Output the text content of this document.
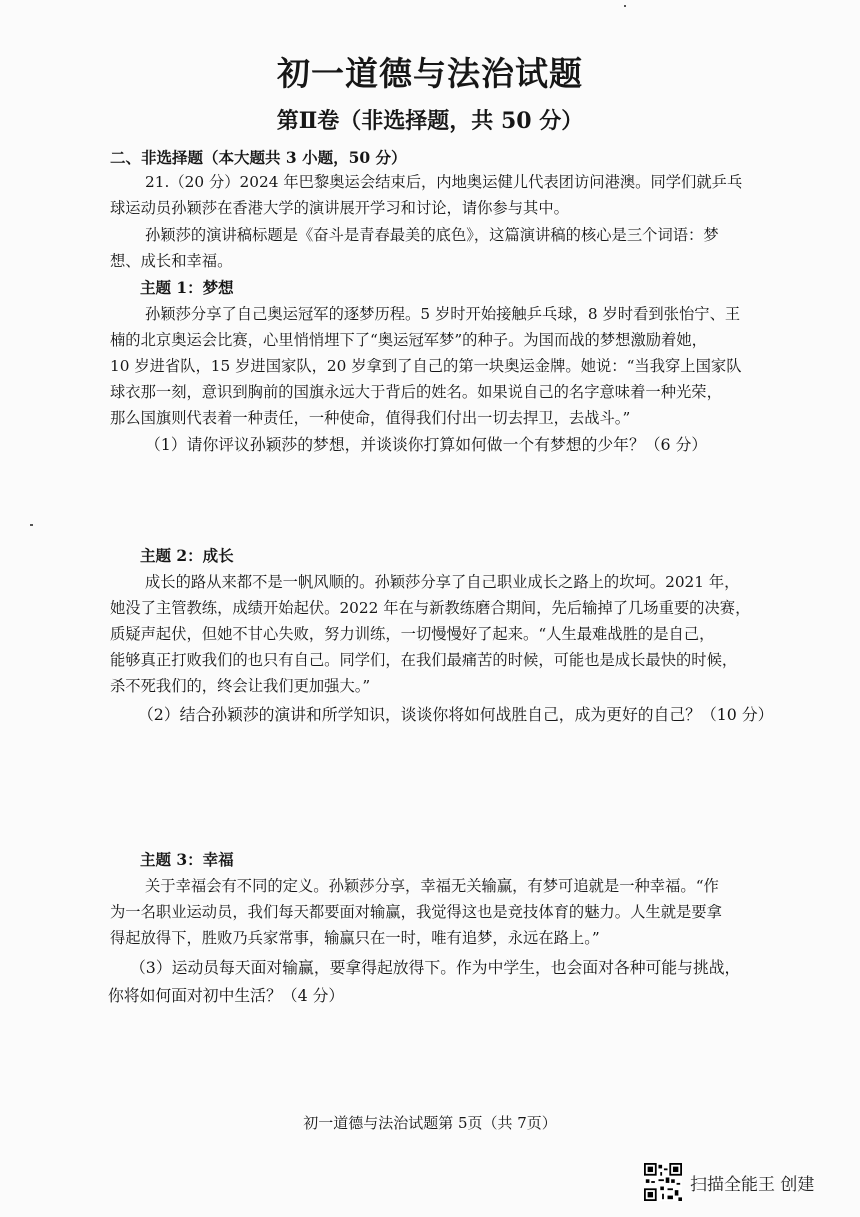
初一道德与法治试题
第Ⅱ卷（非选择题，共 50 分）
二、非选择题（本大题共 3 小题，50 分）
21.（20 分）2024 年巴黎奥运会结束后，内地奥运健儿代表团访问港澳。同学们就乒乓
球运动员孙颖莎在香港大学的演讲展开学习和讨论，请你参与其中。
孙颖莎的演讲稿标题是《奋斗是青春最美的底色》，这篇演讲稿的核心是三个词语：梦
想、成长和幸福。
主题 1：梦想
孙颖莎分享了自己奥运冠军的逐梦历程。5 岁时开始接触乒乓球，8 岁时看到张怡宁、王
楠的北京奥运会比赛，心里悄悄埋下了“奥运冠军梦”的种子。为国而战的梦想激励着她，
10 岁进省队，15 岁进国家队，20 岁拿到了自己的第一块奥运金牌。她说：“当我穿上国家队
球衣那一刻，意识到胸前的国旗永远大于背后的姓名。如果说自己的名字意味着一种光荣，
那么国旗则代表着一种责任，一种使命，值得我们付出一切去捍卫，去战斗。”
（1）请你评议孙颖莎的梦想，并谈谈你打算如何做一个有梦想的少年？（6 分）
主题 2：成长
成长的路从来都不是一帆风顺的。孙颖莎分享了自己职业成长之路上的坎坷。2021 年，
她没了主管教练，成绩开始起伏。2022 年在与新教练磨合期间，先后输掉了几场重要的决赛，
质疑声起伏，但她不甘心失败，努力训练，一切慢慢好了起来。“人生最难战胜的是自己，
能够真正打败我们的也只有自己。同学们，在我们最痛苦的时候，可能也是成长最快的时候，
杀不死我们的，终会让我们更加强大。”
（2）结合孙颖莎的演讲和所学知识，谈谈你将如何战胜自己，成为更好的自己？（10 分）
主题 3：幸福
关于幸福会有不同的定义。孙颖莎分享，幸福无关输赢，有梦可追就是一种幸福。“作
为一名职业运动员，我们每天都要面对输赢，我觉得这也是竞技体育的魅力。人生就是要拿
得起放得下，胜败乃兵家常事，输赢只在一时，唯有追梦，永远在路上。”
（3）运动员每天面对输赢，要拿得起放得下。作为中学生，也会面对各种可能与挑战，
你将如何面对初中生活？（4 分）
初一道德与法治试题第 5页（共 7页）
扫描全能王 创建
